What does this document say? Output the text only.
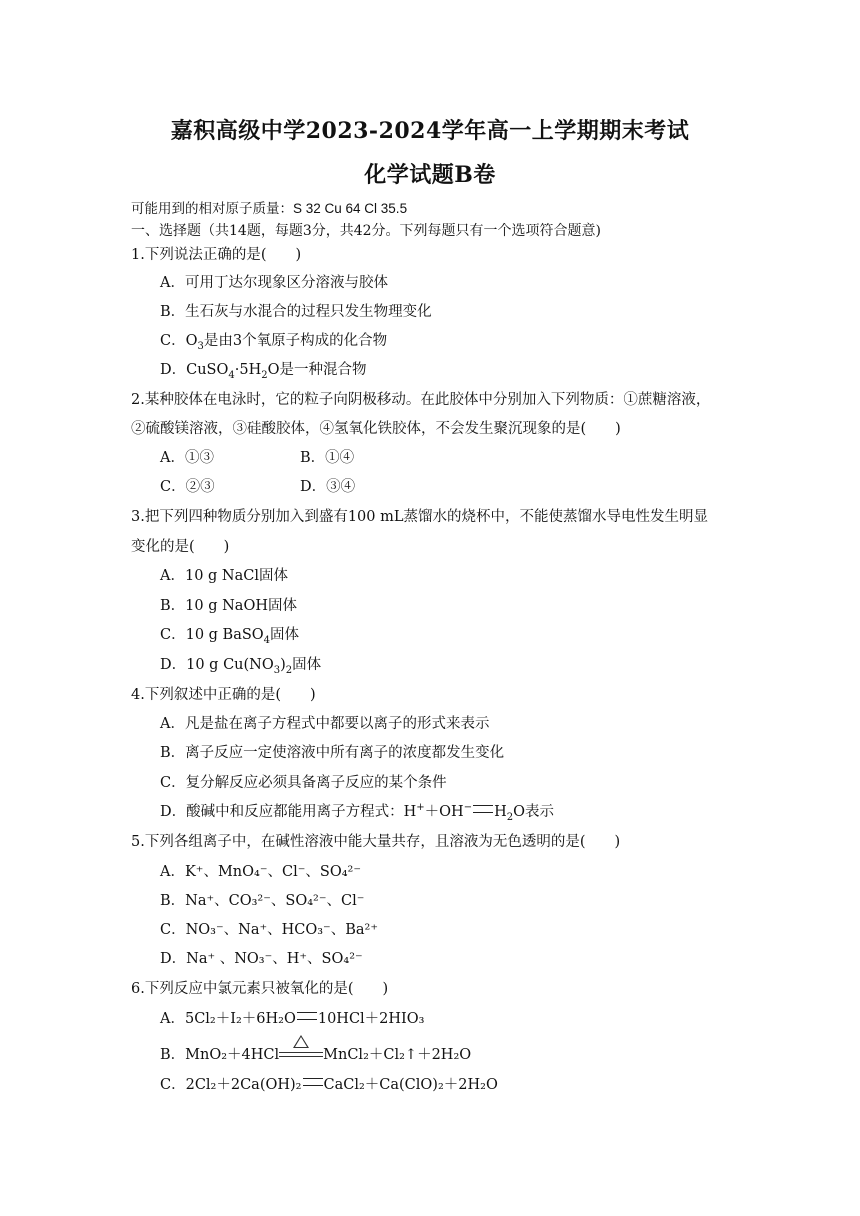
嘉积高级中学2023-2024学年高一上学期期末考试
化学试题B卷
可能用到的相对原子质量：S 32 Cu 64 Cl 35.5
一、选择题（共14题，每题3分，共42分。下列每题只有一个选项符合题意)
1.下列说法正确的是(　　)
A．可用丁达尔现象区分溶液与胶体
B．生石灰与水混合的过程只发生物理变化
C．$O_3$是由3个氧原子构成的化合物
D．$CuSO_4\cdot 5H_2O$是一种混合物
2.某种胶体在电泳时，它的粒子向阴极移动。在此胶体中分别加入下列物质：①蔗糖溶液，
②硫酸镁溶液，③硅酸胶体，④氢氧化铁胶体，不会发生聚沉现象的是(　　)
A．①③	B．①④
C．②③	D．③④
3.把下列四种物质分别加入到盛有100 mL蒸馏水的烧杯中，不能使蒸馏水导电性发生明显
变化的是(　　)
A．10 g NaCl固体
B．10 g NaOH固体
C．10 g BaSO$_4$固体
D．10 g $Cu(NO_3)_2$固体
4.下列叙述中正确的是(　　)
A．凡是盐在离子方程式中都要以离子的形式来表示
B．离子反应一定使溶液中所有离子的浓度都发生变化
C．复分解反应必须具备离子反应的某个条件
D．酸碱中和反应都能用离子方程式：H+＋OH− $H_2O$表示
5.下列各组离子中，在碱性溶液中能大量共存，且溶液为无色透明的是(　　)
A．K⁺、MnO₄⁻、Cl⁻、SO₄²⁻
B．Na⁺、CO₃²⁻、SO₄²⁻、Cl⁻
C．NO₃⁻、Na⁺、HCO₃⁻、Ba²⁺
D．Na⁺ 、NO₃⁻、H⁺、SO₄²⁻
6.下列反应中氯元素只被氧化的是(　　)
A．5Cl₂＋I₂＋6H₂O 10HCl＋2HIO₃
B．MnO₂＋4HCl	MnCl₂＋Cl₂↑＋2H₂O
C．2Cl₂＋2Ca(OH)₂ CaCl₂＋Ca(ClO)₂＋2H₂O
